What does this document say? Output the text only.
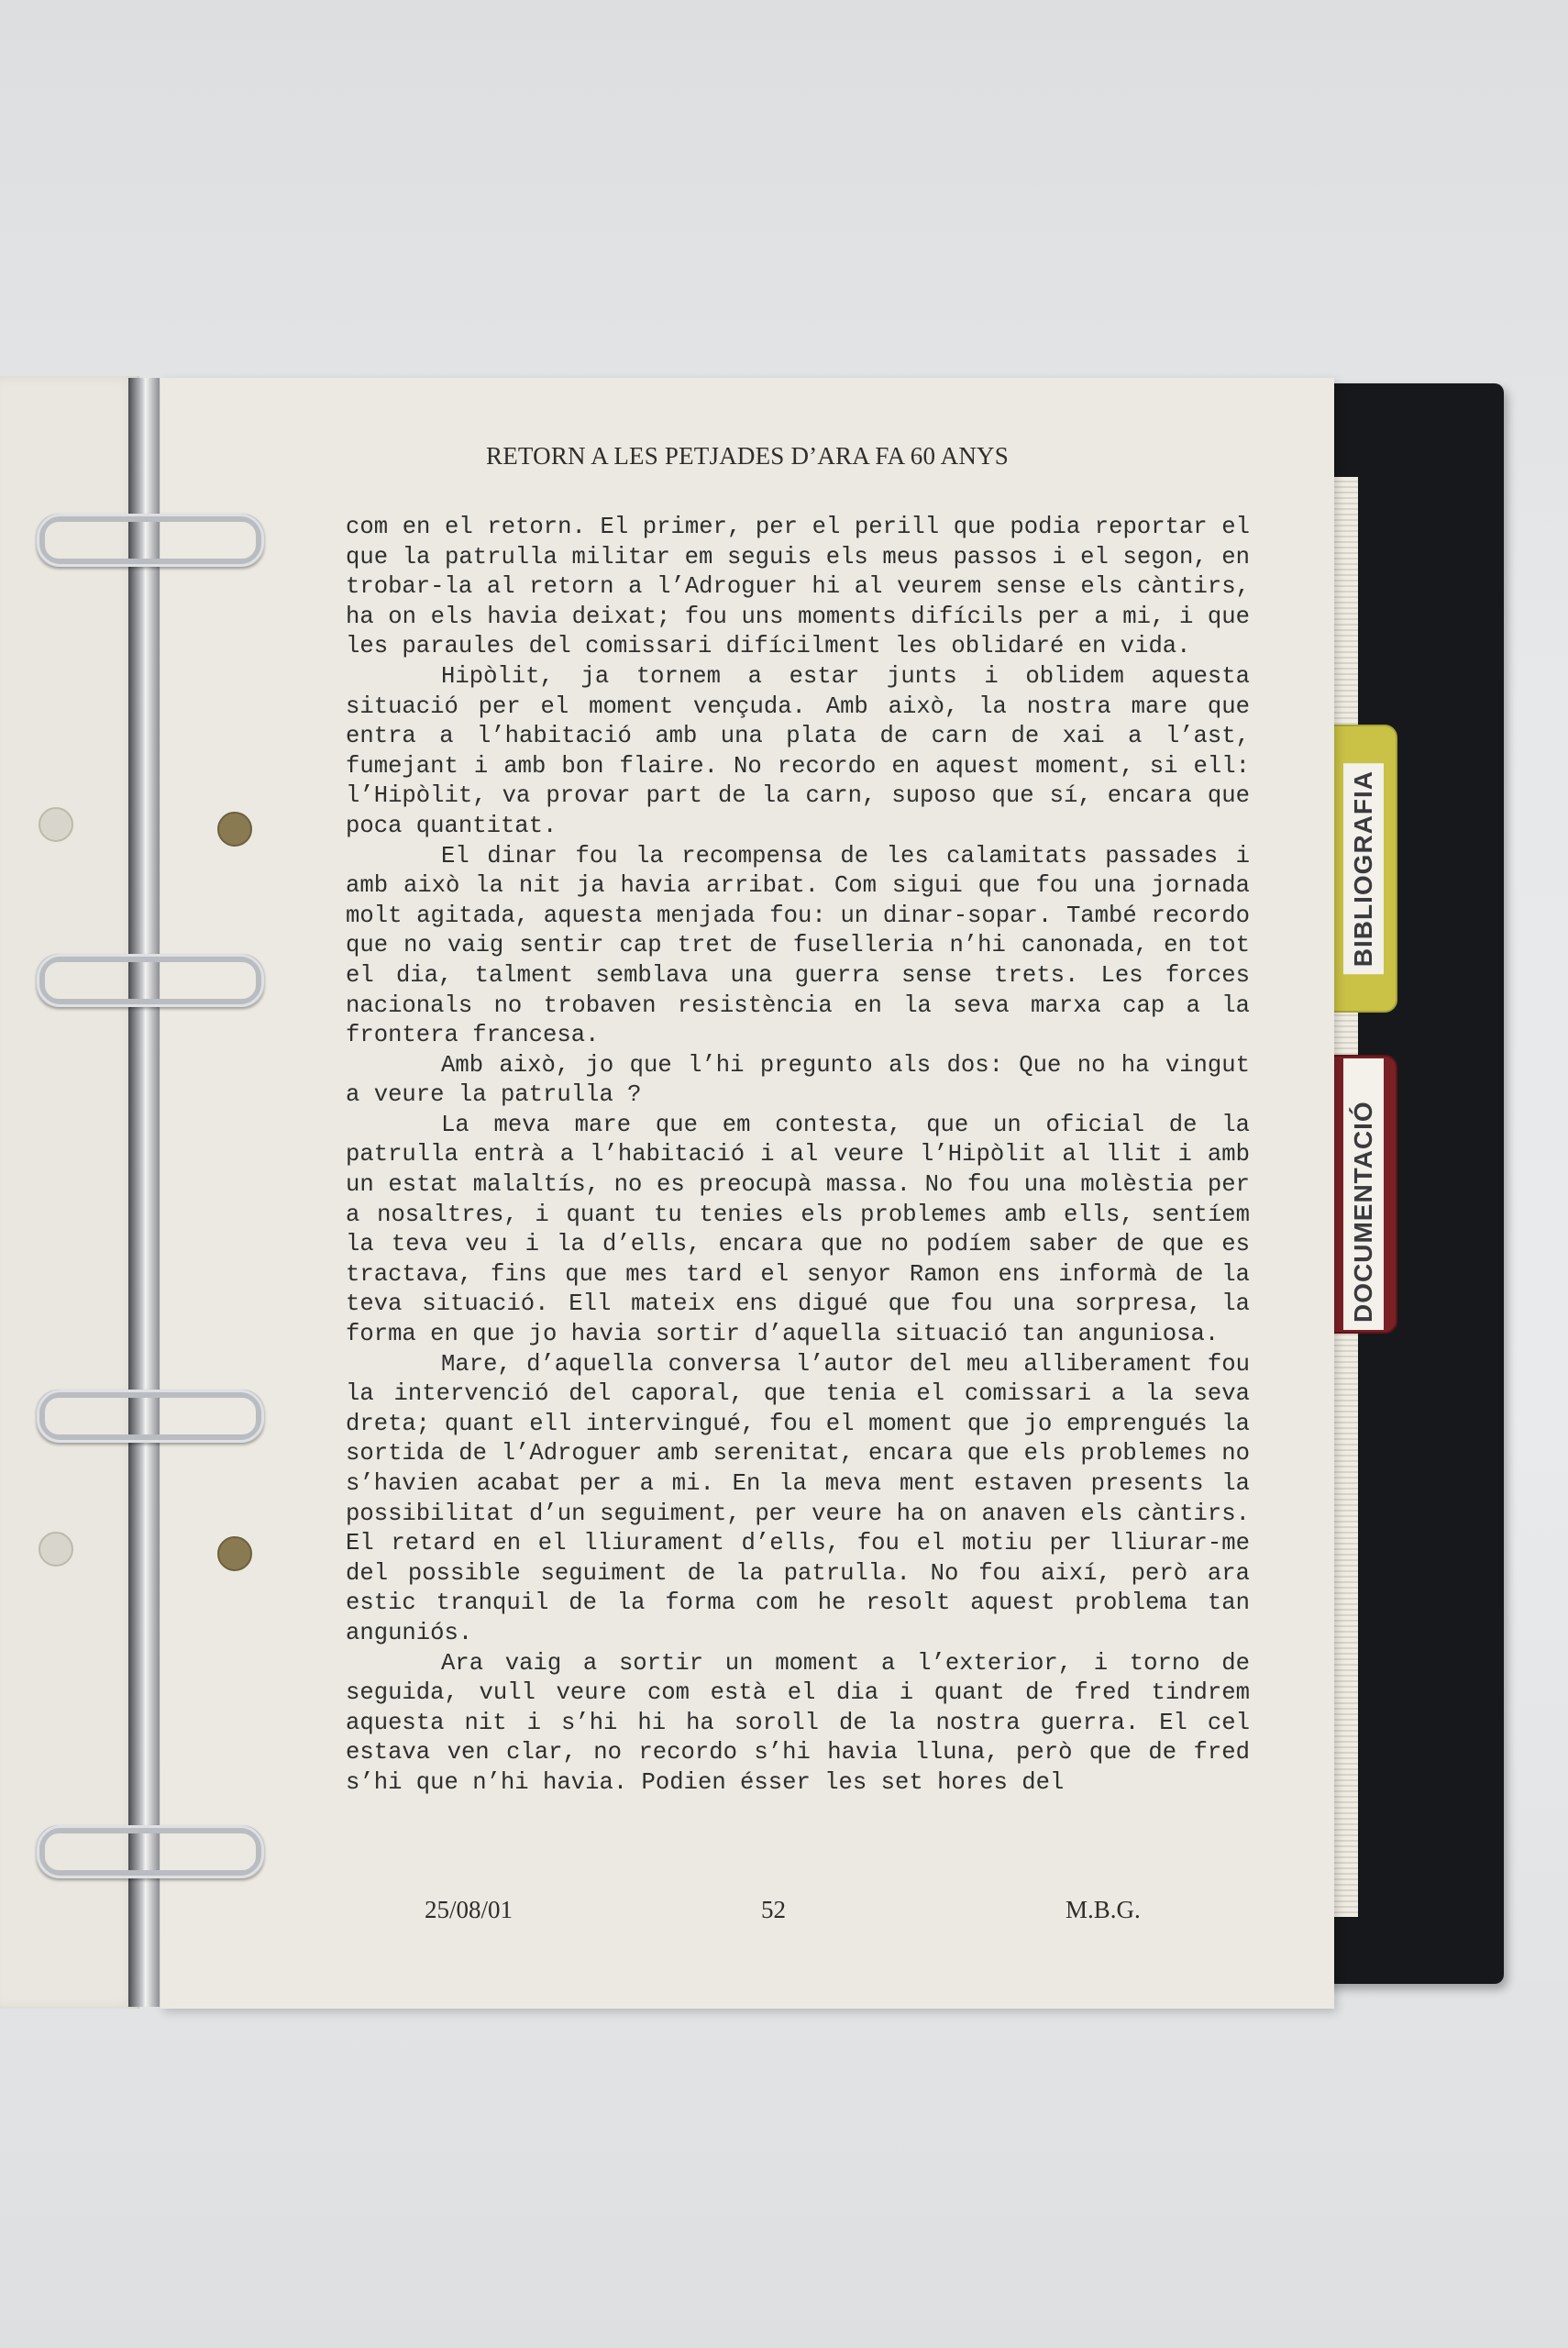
BIBLIOGRAFIA
DOCUMENTACIÓ
RETORN A LES PETJADES D’ARA FA 60 ANYS

com en el retorn. El primer, per el perill que podia reportar el que la patrulla militar em seguis els meus passos i el segon, en trobar-la al retorn a l’Adroguer hi al veurem sense els càntirs, ha on els havia deixat; fou uns moments difícils per a mi, i que les paraules del comissari difícilment les oblidaré en vida.

Hipòlit, ja tornem a estar junts i oblidem aquesta situació per el moment vençuda. Amb això, la nostra mare que entra a l’habitació amb una plata de carn de xai a l’ast, fumejant i amb bon flaire. No recordo en aquest moment, si ell: l’Hipòlit, va provar part de la carn, suposo que sí, encara que poca quantitat.

El dinar fou la recompensa de les calamitats passades i amb això la nit ja havia arribat. Com sigui que fou una jornada molt agitada, aquesta menjada fou: un dinar-sopar. També recordo que no vaig sentir cap tret de fuselleria n’hi canonada, en tot el dia, talment semblava una guerra sense trets. Les forces nacionals no trobaven resistència en la seva marxa cap a la frontera francesa.

Amb això, jo que l’hi pregunto als dos: Que no ha vingut a veure la patrulla ?

La meva mare que em contesta, que un oficial de la patrulla entrà a l’habitació i al veure l’Hipòlit al llit i amb un estat malaltís, no es preocupà massa. No fou una molèstia per a nosaltres, i quant tu tenies els problemes amb ells, sentíem la teva veu i la d’ells, encara que no podíem saber de que es tractava, fins que mes tard el senyor Ramon ens informà de la teva situació. Ell mateix ens digué que fou una sorpresa, la forma en que jo havia sortir d’aquella situació tan anguniosa.

Mare, d’aquella conversa l’autor del meu alliberament fou la intervenció del caporal, que tenia el comissari a la seva dreta; quant ell intervingué, fou el moment que jo emprengués la sortida de l’Adroguer amb serenitat, encara que els problemes no s’havien acabat per a mi. En la meva ment estaven presents la possibilitat d’un seguiment, per veure ha on anaven els càntirs. El retard en el lliurament d’ells, fou el motiu per lliurar-me del possible seguiment de la patrulla. No fou així, però ara estic tranquil de la forma com he resolt aquest problema tan anguniós.

Ara vaig a sortir un moment a l’exterior, i torno de seguida, vull veure com està el dia i quant de fred tindrem aquesta nit i s’hi hi ha soroll de la nostra guerra. El cel estava ven clar, no recordo s’hi havia lluna, però que de fred s’hi que n’hi havia. Podien ésser les set hores del

25/08/01	52	M.B.G.
